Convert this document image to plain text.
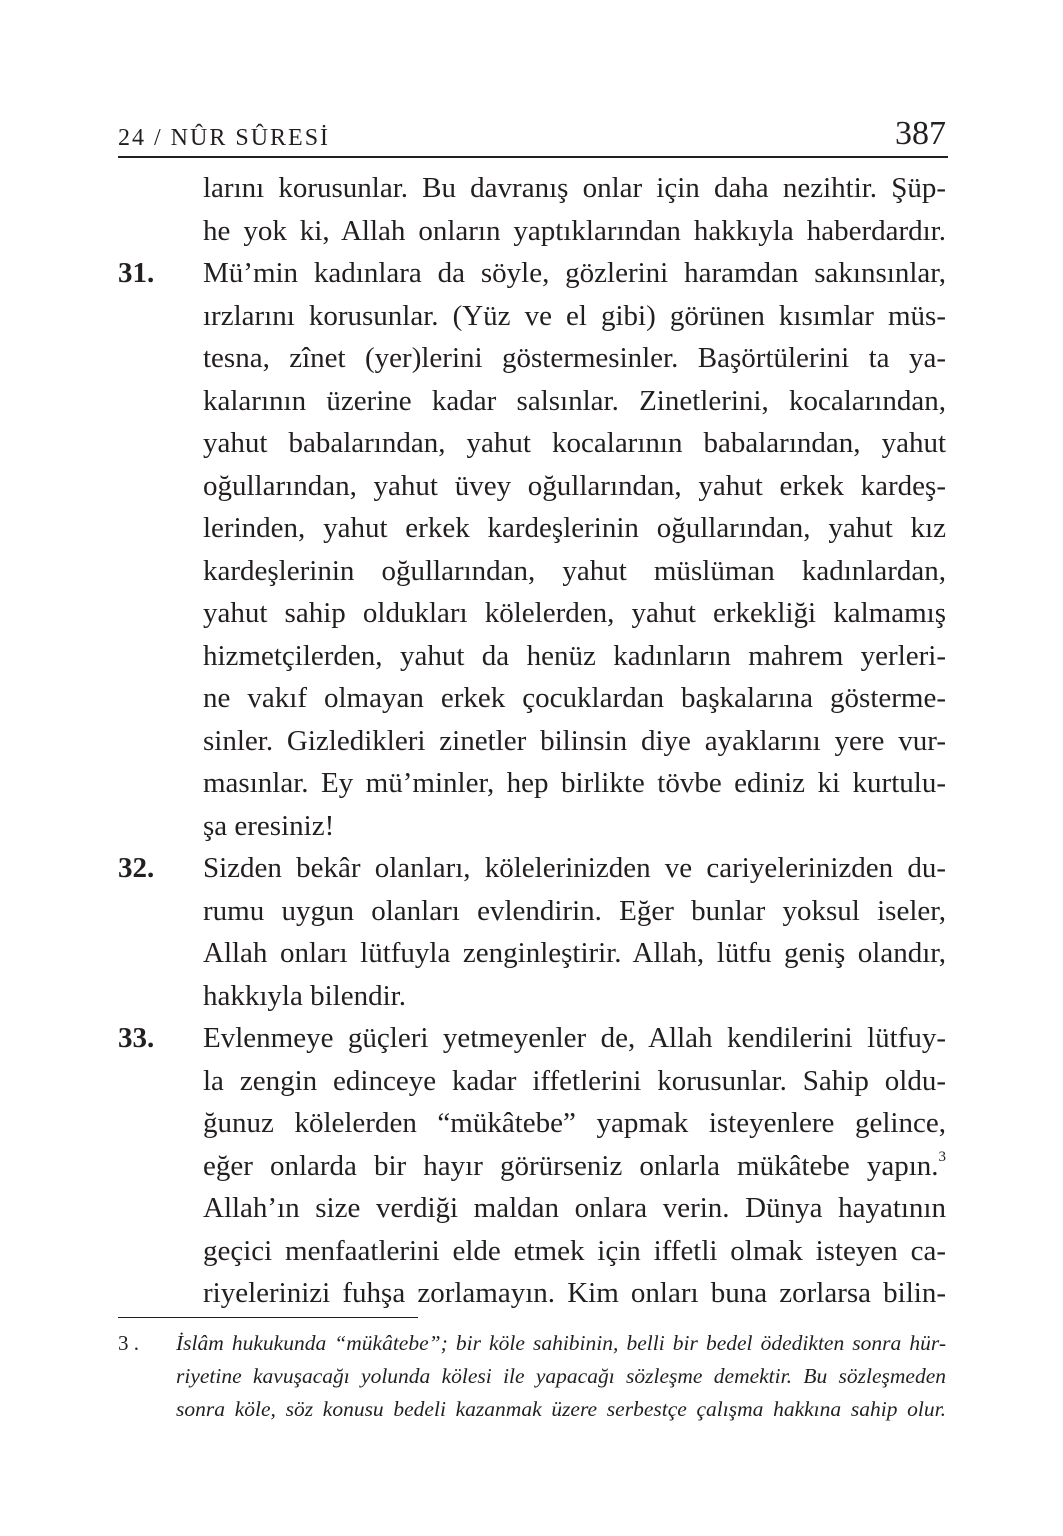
24 / NÛR SÛRESİ	387
larını korusunlar. Bu davranış onlar için daha nezihtir. Şüp-
he yok ki, Allah onların yaptıklarından hakkıyla haberdardır.
31. Mü’min kadınlara da söyle, gözlerini haramdan sakınsınlar,
ırzlarını korusunlar. (Yüz ve el gibi) görünen kısımlar müs-
tesna, zînet (yer)lerini göstermesinler. Başörtülerini ta ya-
kalarının üzerine kadar salsınlar. Zinetlerini, kocalarından,
yahut babalarından, yahut kocalarının babalarından, yahut
oğullarından, yahut üvey oğullarından, yahut erkek kardeş-
lerinden, yahut erkek kardeşlerinin oğullarından, yahut kız
kardeşlerinin oğullarından, yahut müslüman kadınlardan,
yahut sahip oldukları kölelerden, yahut erkekliği kalmamış
hizmetçilerden, yahut da henüz kadınların mahrem yerleri-
ne vakıf olmayan erkek çocuklardan başkalarına gösterme-
sinler. Gizledikleri zinetler bilinsin diye ayaklarını yere vur-
masınlar. Ey mü’minler, hep birlikte tövbe ediniz ki kurtulu-
şa eresiniz!
32. Sizden bekâr olanları, kölelerinizden ve cariyelerinizden du-
rumu uygun olanları evlendirin. Eğer bunlar yoksul iseler,
Allah onları lütfuyla zenginleştirir. Allah, lütfu geniş olandır,
hakkıyla bilendir.
33. Evlenmeye güçleri yetmeyenler de, Allah kendilerini lütfuy-
la zengin edinceye kadar iffetlerini korusunlar. Sahip oldu-
ğunuz kölelerden “mükâtebe” yapmak isteyenlere gelince,
eğer onlarda bir hayır görürseniz onlarla mükâtebe yapın.$^3$
Allah’ın size verdiği maldan onlara verin. Dünya hayatının
geçici menfaatlerini elde etmek için iffetli olmak isteyen ca-
riyelerinizi fuhşa zorlamayın. Kim onları buna zorlarsa bilin-
3 . İslâm hukukunda “mükâtebe”; bir köle sahibinin, belli bir bedel ödedikten sonra hür-
riyetine kavuşacağı yolunda kölesi ile yapacağı sözleşme demektir. Bu sözleşmeden
sonra köle, söz konusu bedeli kazanmak üzere serbestçe çalışma hakkına sahip olur.
